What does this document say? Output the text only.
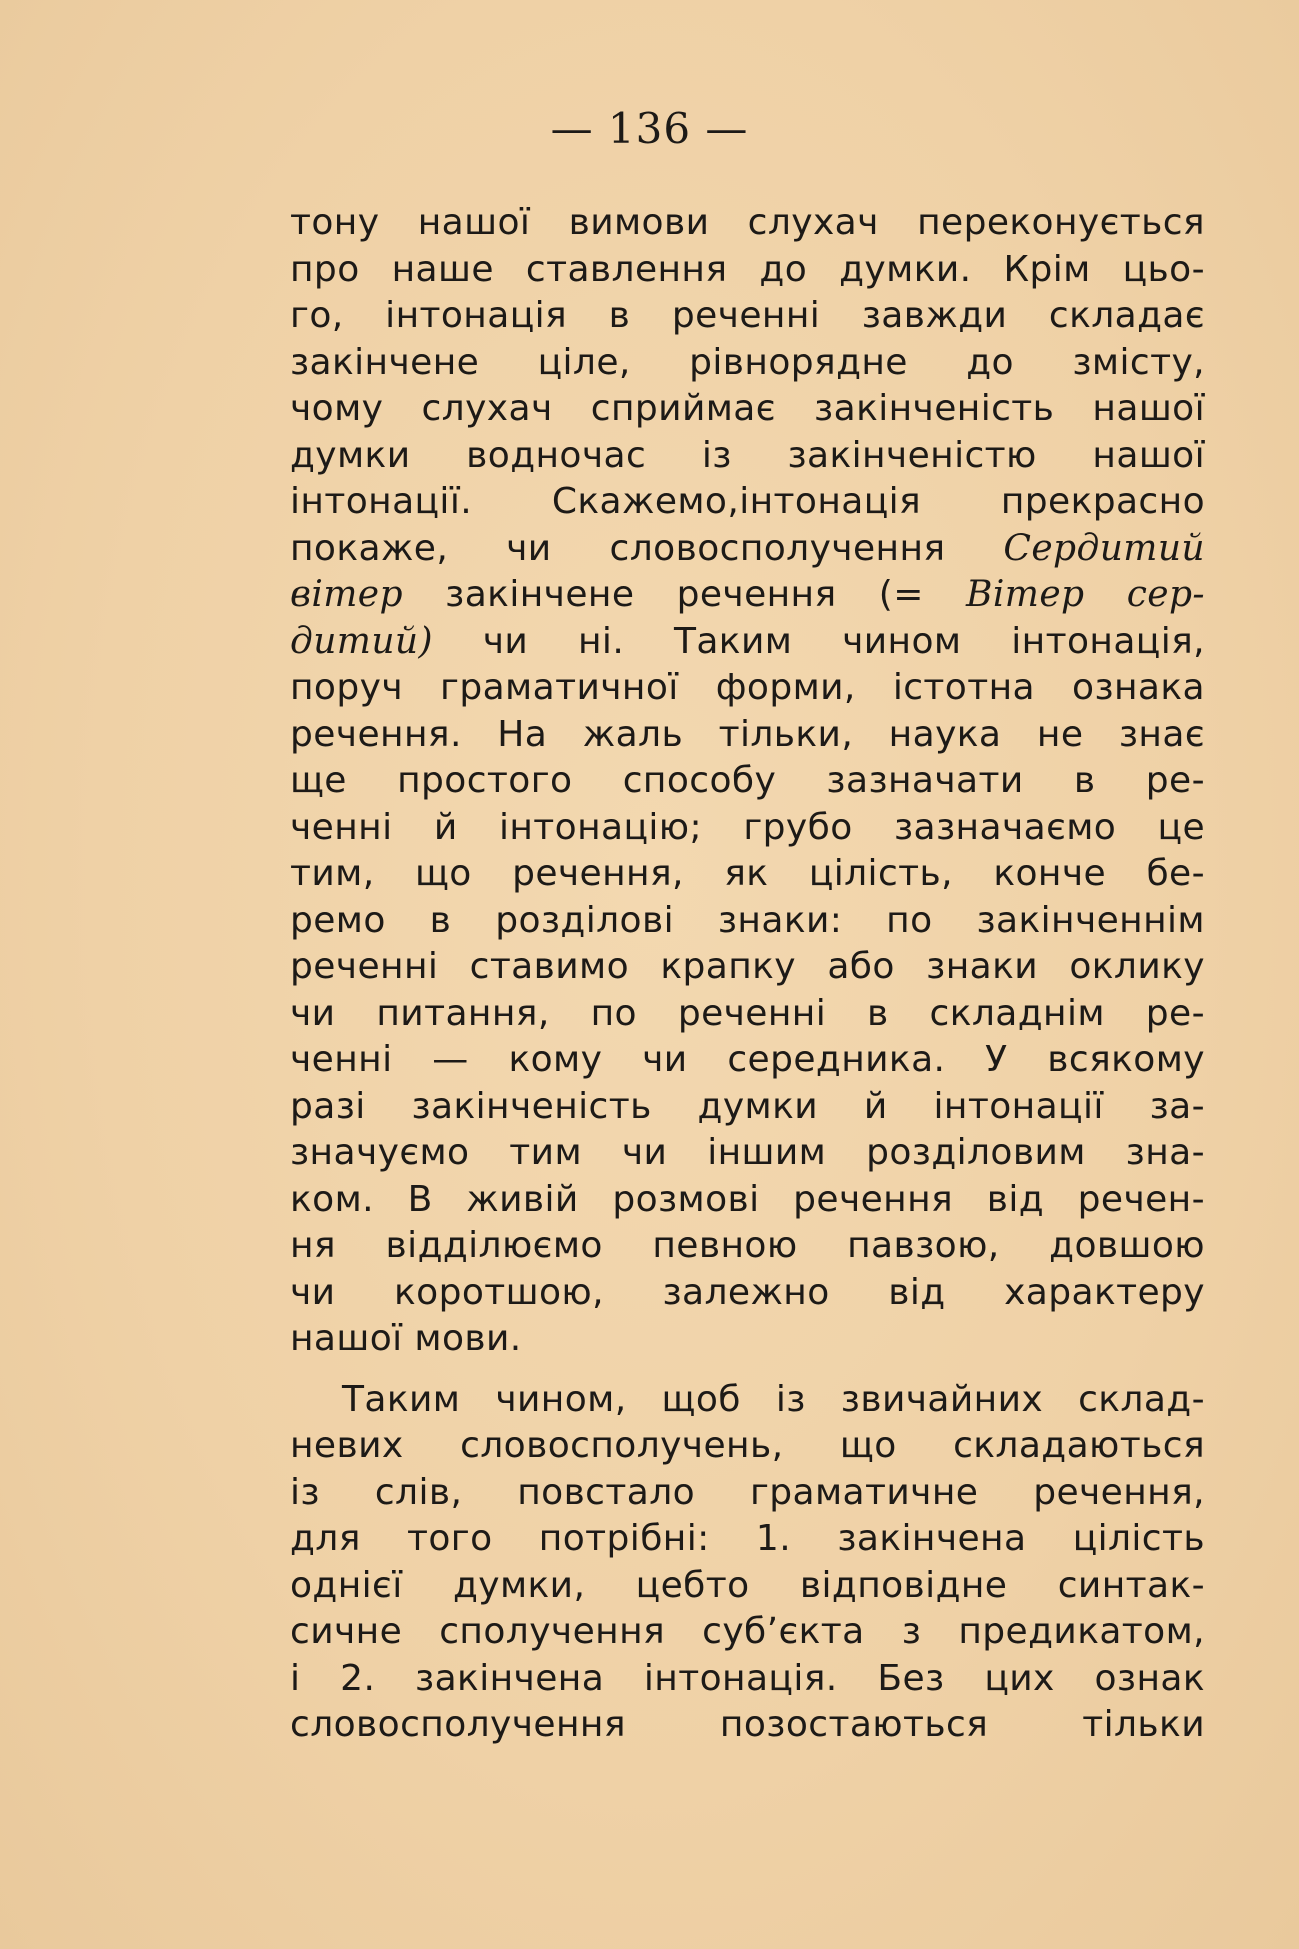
— 136 —
тону нашої вимови слухач переконується
про наше ставлення до думки. Крім цьо-
го, інтонація в реченні завжди складає
закінчене ціле, рівнорядне до змісту,
чому слухач сприймає закінченість нашої
думки водночас із закінченістю нашої
інтонації. Скажемо,інтонація прекрасно
покаже, чи словосполучення Сердитий
вітер закінчене речення (= Вітер сер-
дитий) чи ні. Таким чином інтонація,
поруч граматичної форми, істотна ознака
речення. На жаль тільки, наука не знає
ще простого способу зазначати в ре-
ченні й інтонацію; грубо зазначаємо це
тим, що речення, як цілість, конче бе-
ремо в розділові знаки: по закінченнім
реченні ставимо крапку або знаки оклику
чи питання, по реченні в складнім ре-
ченні — кому чи середника. У всякому
разі закінченість думки й інтонації за-
значуємо тим чи іншим розділовим зна-
ком. В живій розмові речення від речен-
ня відділюємо певною павзою, довшою
чи коротшою, залежно від характеру
нашої мови.
Таким чином, щоб із звичайних склад-
невих словосполучень, що складаються
із слів, повстало граматичне речення,
для того потрібні: 1. закінчена цілість
однієї думки, цебто відповідне синтак-
сичне сполучення суб’єкта з предикатом,
і 2. закінчена інтонація. Без цих ознак
словосполучення позостаються тільки
